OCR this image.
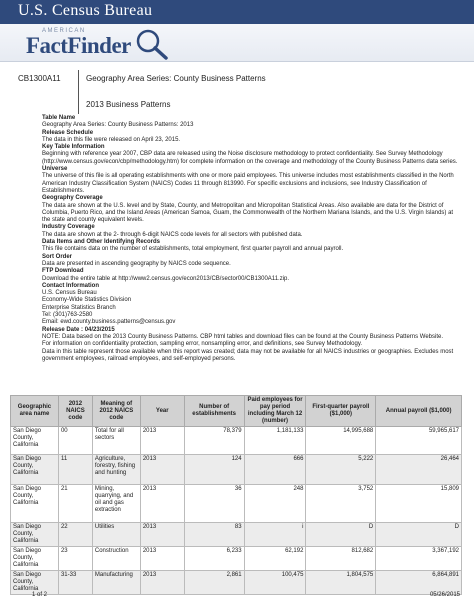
U.S. Census Bureau
AMERICAN
FactFinder
CB1300A11	Geography Area Series: County Business Patterns
2013 Business Patterns

Table Name

Geography Area Series: County Business Patterns: 2013

Release Schedule

The data in this file were released on April 23, 2015.

Key Table Information

Beginning with reference year 2007, CBP data are released using the Noise disclosure methodology to protect confidentiality. See Survey Methodology (http://www.census.gov/econ/cbp/methodology.htm) for complete information on the coverage and methodology of the County Business Patterns data series.

Universe

The universe of this file is all operating establishments with one or more paid employees. This universe includes most establishments classified in the North American Industry Classification System (NAICS) Codes 11 through 813990. For specific exclusions and inclusions, see Industry Classification of Establishments.

Geography Coverage

The data are shown at the U.S. level and by State, County, and Metropolitan and Micropolitan Statistical Areas. Also available are data for the District of Columbia, Puerto Rico, and the Island Areas (American Samoa, Guam, the Commonwealth of the Northern Mariana Islands, and the U.S. Virgin Islands) at the state and county equivalent levels.

Industry Coverage

The data are shown at the 2- through 6-digit NAICS code levels for all sectors with published data.

Data Items and Other Identifying Records

This file contains data on the number of establishments, total employment, first quarter payroll and annual payroll.

Sort Order

Data are presented in ascending geography by NAICS code sequence.

FTP Download

Download the entire table at http://www2.census.gov/econ2013/CB/sector00/CB1300A11.zip.

Contact Information

U.S. Census Bureau

Economy-Wide Statistics Division

Enterprise Statistics Branch

Tel: (301)763-2580

Email: ewd.county.business.patterns@census.gov

Release Date : 04/23/2015

NOTE: Data based on the 2013 County Business Patterns. CBP html tables and download files can be found at the County Business Patterns Website.

For information on confidentiality protection, sampling error, nonsampling error, and definitions, see Survey Methodology.

Data in this table represent those available when this report was created; data may not be available for all NAICS industries or geographies. Excludes most government employees, railroad employees, and self-employed persons.

Geographic area name	2012 NAICS code	Meaning of 2012 NAICS code	Year	Number of establishments	Paid employees for pay period including March 12 (number)	First-quarter payroll ($1,000)	Annual payroll ($1,000)
San Diego County, California	00	Total for all sectors	2013	78,379	1,181,133	14,995,688	59,965,617
San Diego County, California	11	Agriculture, forestry, fishing and hunting	2013	124	666	5,222	26,464
San Diego County, California	21	Mining, quarrying, and oil and gas extraction	2013	36	248	3,752	15,809
San Diego County, California	22	Utilities	2013	83	i	D	D
San Diego County, California	23	Construction	2013	6,233	62,192	812,682	3,367,192
San Diego County, California	31-33	Manufacturing	2013	2,861	100,475	1,804,575	6,864,891
1 of 2	05/26/2015
